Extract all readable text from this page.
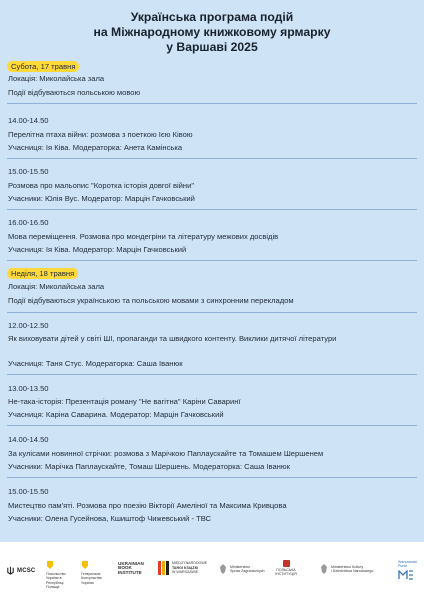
Українська програма подій
на Міжнародному книжковому ярмарку
у Варшаві 2025
Субота, 17 травня
Локація: Миколайська зала
Події відбуваються польською мовою
14.00-14.50
Перелітна птаха війни: розмова з поеткою Ією Ківою
Учасниця: Ія Ківа. Модераторка: Анета Камінська
15.00-15.50
Розмова про мальопис "Коротка історія довгої війни"
Учасники: Юлія Вус. Модератор: Марцін Гачковський
16.00-16.50
Мова переміщення. Розмова про мондегріни та літературу межових досвідів
Учасниця: Ія Ківа. Модератор: Марцін Гачковський
Неділя, 18 травня
Локація: Миколайська зала
Події відбуваються українською та польською мовами з синхронним перекладом
12.00-12.50
Як виховувати дітей у світі ШІ, пропаганди та швидкого контенту. Виклики дитячої літератури
Учасниця: Таня Стус. Модераторка: Саша Іванюк
13.00-13.50
Не-така-історія: Презентація роману "Не вагітна" Каріни Саваринї
Учасниця: Каріна Саварина. Модератор: Марцін Гачковський
14.00-14.50
За кулісами новинної стрічки: розмова з Марічкою Паплаускайте та Томашем Шершенем
Учасники: Марічка Паплаускайте, Томаш Шершень. Модераторка: Саша Іванюк
15.00-15.50
Мистецтво пам'яті. Розмова про поезію Вікторії Амеліної та Максима Кривцова
Учасники: Олена Гусейнова, Кшиштоф Чижевський - ТВС
MCSC
Посольство України в Республіці Польща
Генеральне Консульство України
UKRAINIAN
BOOK
INSTITUTE
MIĘDZYNARODOWE
TARGI KSIĄŻKI
W WARSZAWIE
Ministerstwo
Spraw Zagranicznych	ПОЛЬСЬКА ІНСТИТУЦІЯ
Ministerstwo Kultury
i Dziedzictwa Narodowego
Warszawski Punkt
